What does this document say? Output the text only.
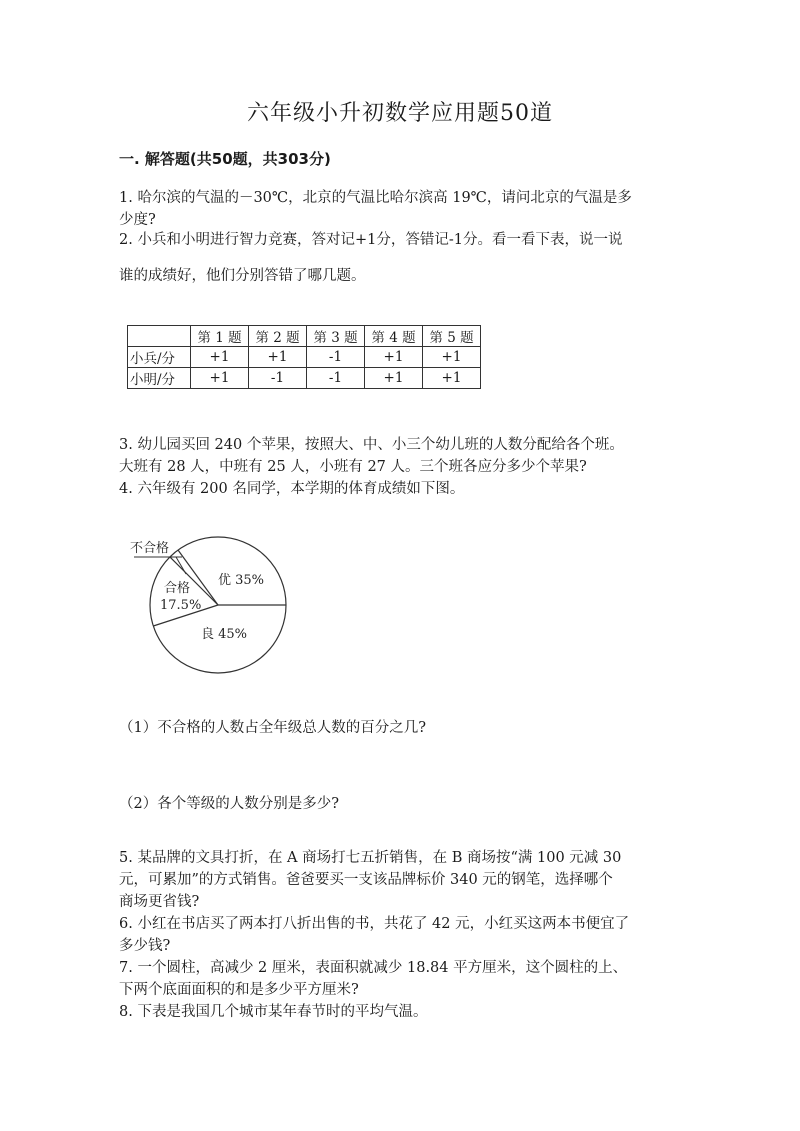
六年级小升初数学应用题50道
一. 解答题(共50题，共303分)
1. 哈尔滨的气温的－30℃，北京的气温比哈尔滨高 19℃，请问北京的气温是多
少度?
2. 小兵和小明进行智力竞赛，答对记+1分，答错记-1分。看一看下表，说一说
谁的成绩好，他们分别答错了哪几题。
	第 1 题	第 2 题	第 3 题	第 4 题	第 5 题
小兵/分	+1	+1	-1	+1	+1
小明/分	+1	-1	-1	+1	+1
3. 幼儿园买回 240 个苹果，按照大、中、小三个幼儿班的人数分配给各个班。
大班有 28 人，中班有 25 人，小班有 27 人。三个班各应分多少个苹果?
4. 六年级有 200 名同学，本学期的体育成绩如下图。
不合格
优 35%
良 45%
合格
17.5%
（1）不合格的人数占全年级总人数的百分之几?
（2）各个等级的人数分别是多少?
5. 某品牌的文具打折，在 A 商场打七五折销售，在 B 商场按“满 100 元减 30
元，可累加”的方式销售。爸爸要买一支该品牌标价 340 元的钢笔，选择哪个
商场更省钱?
6. 小红在书店买了两本打八折出售的书，共花了 42 元，小红买这两本书便宜了
多少钱?
7. 一个圆柱，高减少 2 厘米，表面积就减少 18.84 平方厘米，这个圆柱的上、
下两个底面面积的和是多少平方厘米?
8. 下表是我国几个城市某年春节时的平均气温。
